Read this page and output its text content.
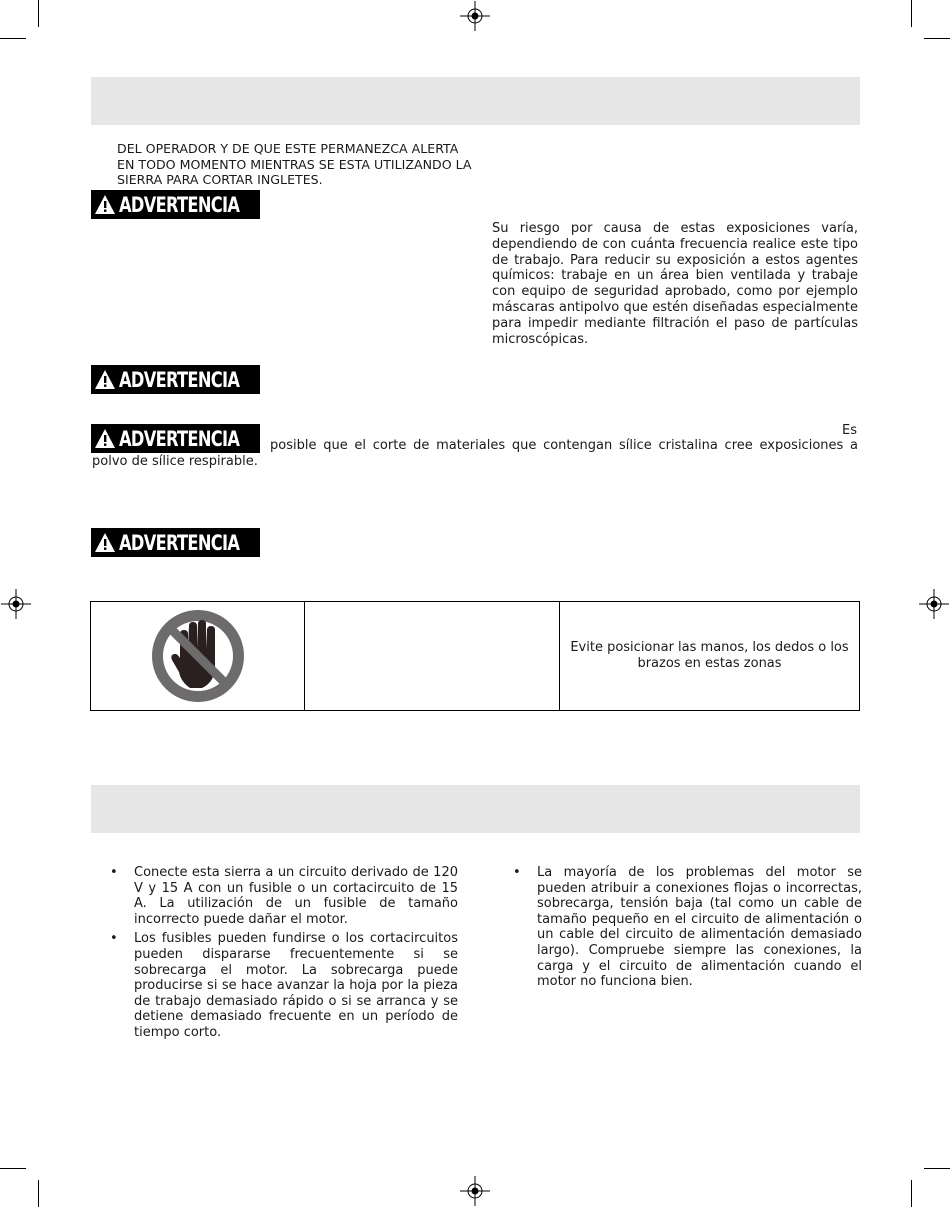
DEL OPERADOR Y DE QUE ESTE PERMANEZCA ALERTA EN TODO MOMENTO MIENTRAS SE ESTA UTILIZANDO LA SIERRA PARA CORTAR INGLETES.
ADVERTENCIA
Su riesgo por causa de estas exposiciones varía, dependiendo de con cuánta frecuencia realice este tipo de trabajo. Para reducir su exposición a estos agentes químicos: trabaje en un área bien ventilada y trabaje con equipo de seguridad aprobado, como por ejemplo máscaras antipolvo que estén diseñadas especialmente para impedir mediante filtración el paso de partículas microscópicas.
ADVERTENCIA
ADVERTENCIA	Es
posible que el corte de materiales que contengan sílice cristalina cree exposiciones a
polvo de sílice respirable.
ADVERTENCIA

Evite posicionar las manos, los dedos o los brazos en estas zonas
• Conecte esta sierra a un circuito derivado de 120 V y 15 A con un fusible o un cortacircuito de 15 A. La utilización de un fusible de tamaño incorrecto puede dañar el motor.
• Los fusibles pueden fundirse o los cortacircuitos pueden dispararse frecuentemente si se sobrecarga el motor. La sobrecarga puede producirse si se hace avanzar la hoja por la pieza de trabajo demasiado rápido o si se arranca y se detiene demasiado frecuente en un período de tiempo corto.
• La mayoría de los problemas del motor se pueden atribuir a conexiones flojas o incorrectas, sobrecarga, tensión baja (tal como un cable de tamaño pequeño en el circuito de alimentación o un cable del circuito de alimentación demasiado largo). Compruebe siempre las conexiones, la carga y el circuito de alimentación cuando el motor no funciona bien.
